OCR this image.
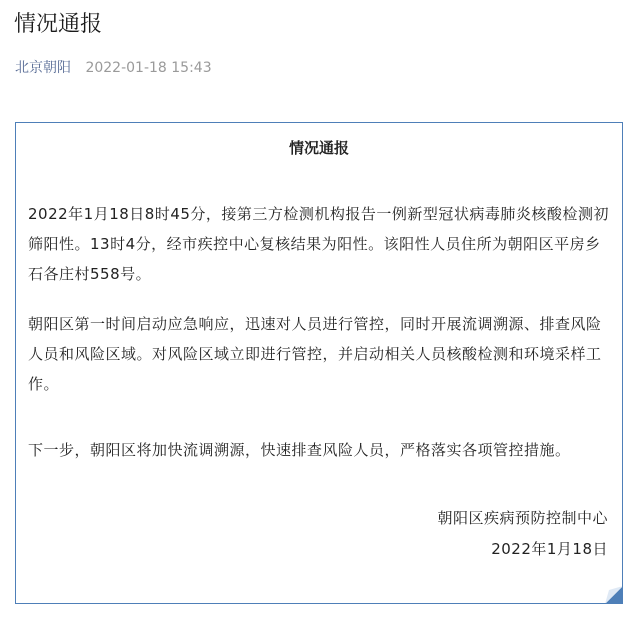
情况通报
北京朝阳 2022-01-18 15:43
情况通报

2022年1月18日8时45分，接第三方检测机构报告一例新型冠状病毒肺炎核酸检测初筛阳性。13时4分，经市疾控中心复核结果为阳性。该阳性人员住所为朝阳区平房乡石各庄村558号。

朝阳区第一时间启动应急响应，迅速对人员进行管控，同时开展流调溯源、排查风险人员和风险区域。对风险区域立即进行管控，并启动相关人员核酸检测和环境采样工作。

下一步，朝阳区将加快流调溯源，快速排查风险人员，严格落实各项管控措施。

朝阳区疾病预防控制中心
2022年1月18日
